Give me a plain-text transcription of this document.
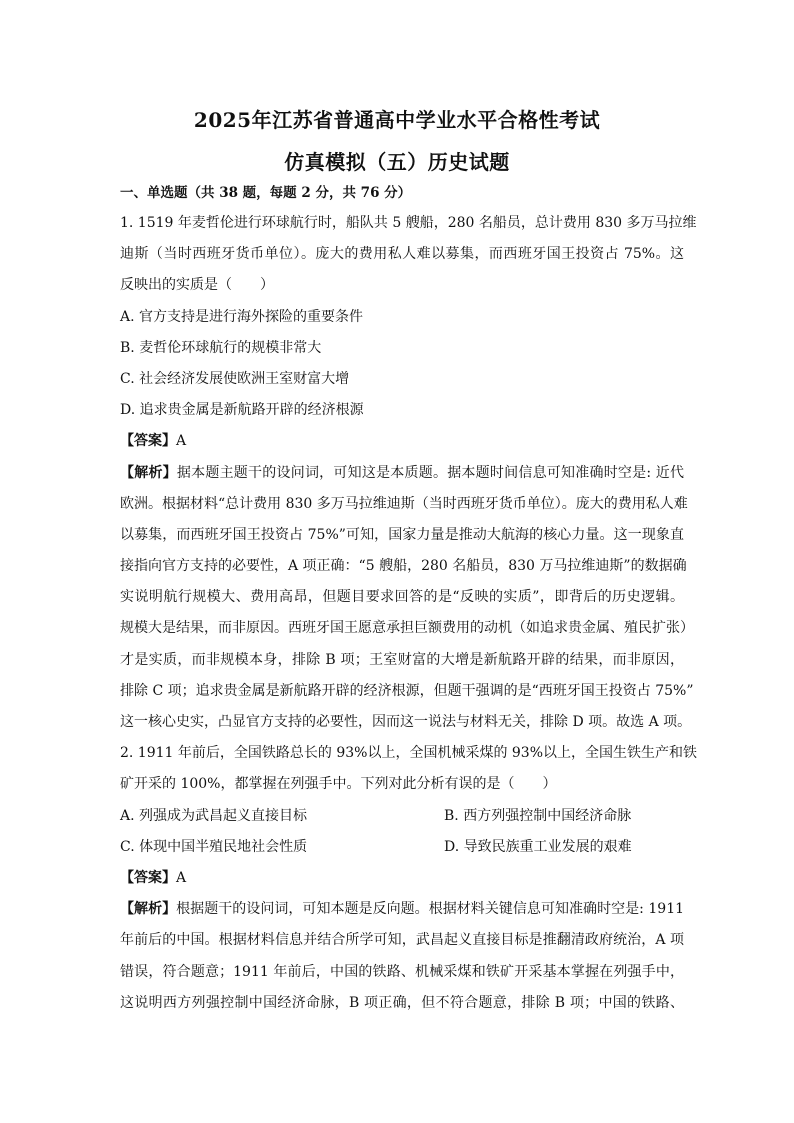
2025年江苏省普通高中学业水平合格性考试
仿真模拟（五）历史试题
一、单选题（共 38 题，每题 2 分，共 76 分）
1. 1519 年麦哲伦进行环球航行时，船队共 5 艘船，280 名船员，总计费用 830 多万马拉维
迪斯（当时西班牙货币单位）。庞大的费用私人难以募集，而西班牙国王投资占 75%。这
反映出的实质是（　　）
A. 官方支持是进行海外探险的重要条件
B. 麦哲伦环球航行的规模非常大
C. 社会经济发展使欧洲王室财富大增
D. 追求贵金属是新航路开辟的经济根源
【答案】A
【解析】据本题主题干的设问词，可知这是本质题。据本题时间信息可知准确时空是: 近代
欧洲。根据材料“总计费用 830 多万马拉维迪斯（当时西班牙货币单位）。庞大的费用私人难
以募集，而西班牙国王投资占 75%”可知，国家力量是推动大航海的核心力量。这一现象直
接指向官方支持的必要性，A 项正确：“5 艘船，280 名船员，830 万马拉维迪斯”的数据确
实说明航行规模大、费用高昂，但题目要求回答的是“反映的实质”，即背后的历史逻辑。
规模大是结果，而非原因。西班牙国王愿意承担巨额费用的动机（如追求贵金属、殖民扩张）
才是实质，而非规模本身，排除 B 项；王室财富的大增是新航路开辟的结果，而非原因，
排除 C 项；追求贵金属是新航路开辟的经济根源，但题干强调的是“西班牙国王投资占 75%”
这一核心史实，凸显官方支持的必要性，因而这一说法与材料无关，排除 D 项。故选 A 项。
2. 1911 年前后，全国铁路总长的 93%以上，全国机械采煤的 93%以上，全国生铁生产和铁
矿开采的 100%，都掌握在列强手中。下列对此分析有误的是（　　）
A. 列强成为武昌起义直接目标	B. 西方列强控制中国经济命脉
C. 体现中国半殖民地社会性质	D. 导致民族重工业发展的艰难
【答案】A
【解析】根据题干的设问词，可知本题是反向题。根据材料关键信息可知准确时空是: 1911
年前后的中国。根据材料信息并结合所学可知，武昌起义直接目标是推翻清政府统治，A 项
错误，符合题意；1911 年前后，中国的铁路、机械采煤和铁矿开采基本掌握在列强手中，
这说明西方列强控制中国经济命脉，B 项正确，但不符合题意，排除 B 项；中国的铁路、
